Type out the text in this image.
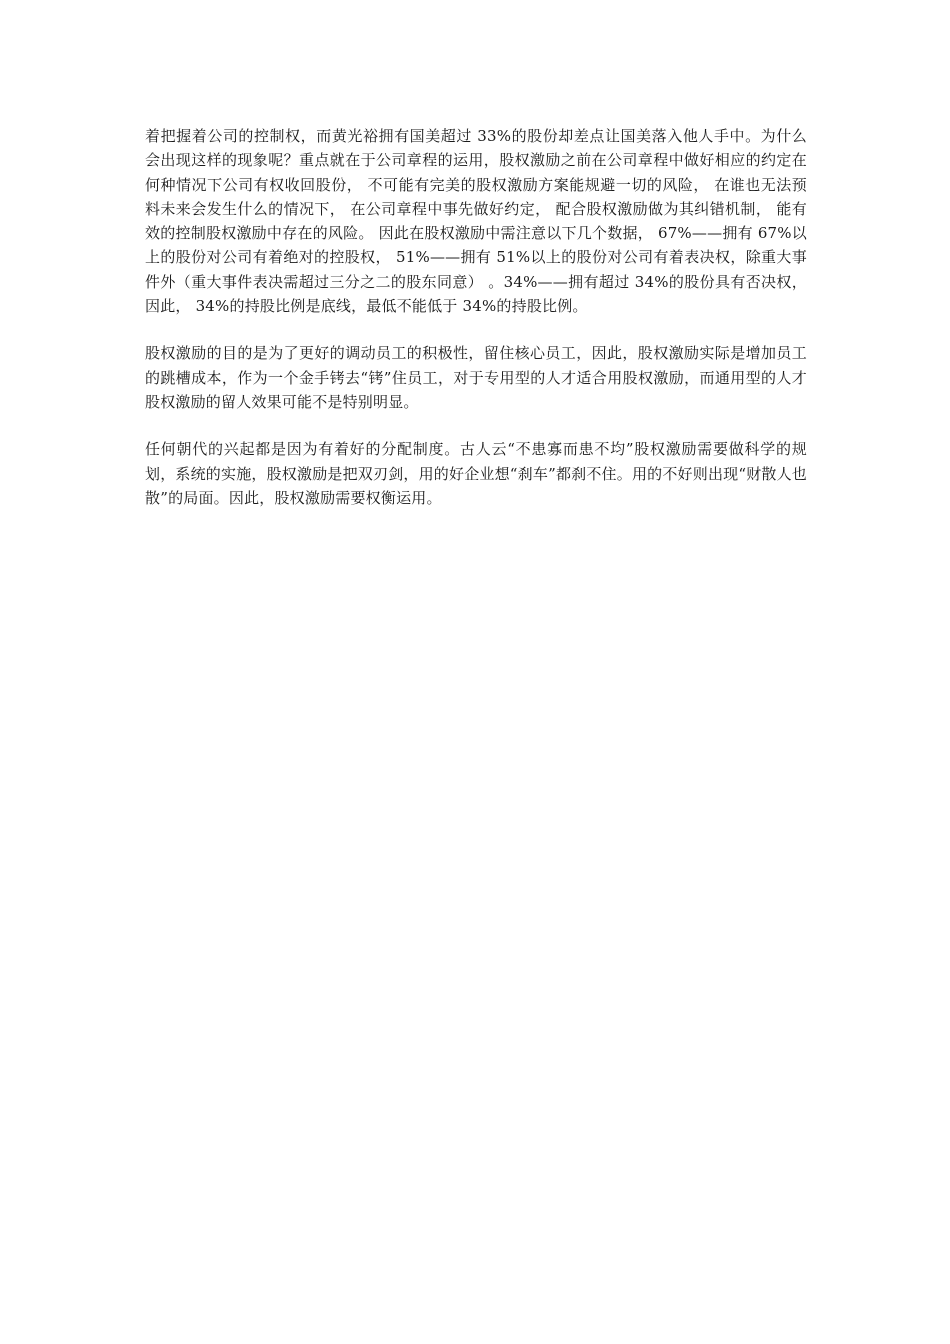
着把握着公司的控制权，而黄光裕拥有国美超过 33%的股份却差点让国美落入他人手中。为什么会出现这样的现象呢？重点就在于公司章程的运用，股权激励之前在公司章程中做好相应的约定在何种情况下公司有权收回股份， 不可能有完美的股权激励方案能规避一切的风险， 在谁也无法预料未来会发生什么的情况下， 在公司章程中事先做好约定， 配合股权激励做为其纠错机制， 能有效的控制股权激励中存在的风险。 因此在股权激励中需注意以下几个数据， 67%——拥有 67%以上的股份对公司有着绝对的控股权， 51%——拥有 51%以上的股份对公司有着表决权，除重大事件外（重大事件表决需超过三分之二的股东同意） 。34%——拥有超过 34%的股份具有否决权，因此， 34%的持股比例是底线，最低不能低于 34%的持股比例。

股权激励的目的是为了更好的调动员工的积极性，留住核心员工，因此，股权激励实际是增加员工的跳槽成本，作为一个金手铐去“铐”住员工，对于专用型的人才适合用股权激励，而通用型的人才股权激励的留人效果可能不是特别明显。

任何朝代的兴起都是因为有着好的分配制度。古人云“不患寡而患不均”股权激励需要做科学的规划，系统的实施，股权激励是把双刃剑，用的好企业想“刹车”都刹不住。用的不好则出现“财散人也散”的局面。因此，股权激励需要权衡运用。
